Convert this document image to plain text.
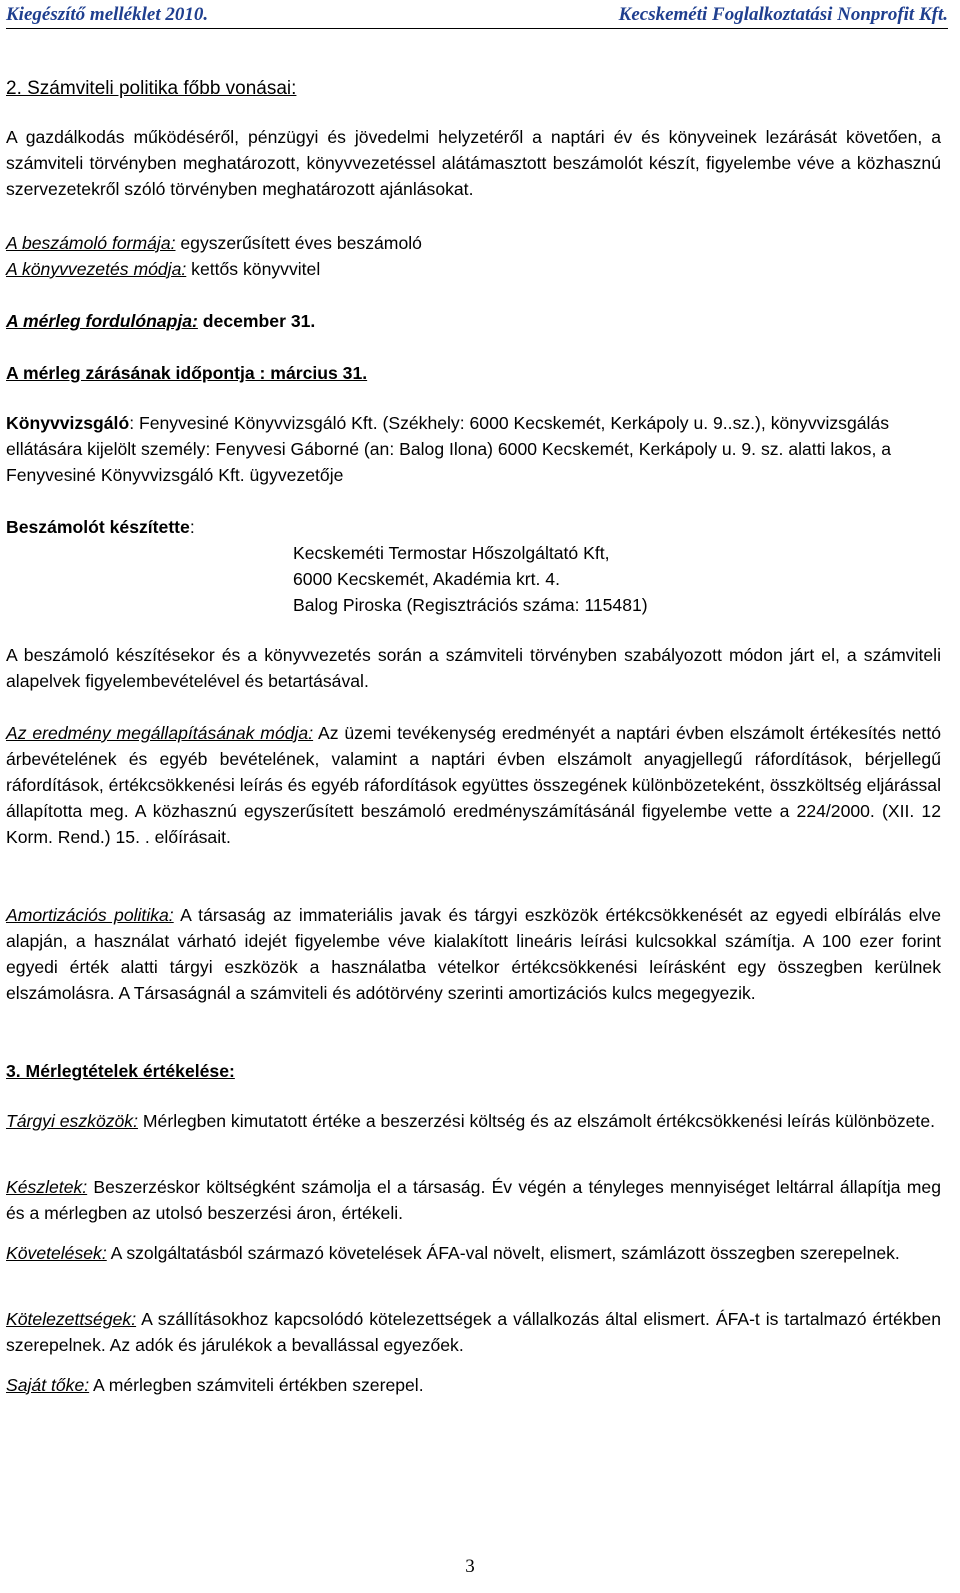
Kiegészítő melléklet 2010.	Kecskeméti Foglalkoztatási Nonprofit Kft.
2. Számviteli politika főbb vonásai:
A gazdálkodás működéséről, pénzügyi és jövedelmi helyzetéről a naptári év és könyveinek lezárását követően, a számviteli törvényben meghatározott, könyvvezetéssel alátámasztott beszámolót készít, figyelembe véve a közhasznú szervezetekről szóló törvényben meghatározott ajánlásokat.
A beszámoló formája: egyszerűsített éves beszámoló
A könyvvezetés módja: kettős könyvvitel
A mérleg fordulónapja: december 31.
A mérleg zárásának időpontja : március 31.
Könyvvizsgáló: Fenyvesiné Könyvvizsgáló Kft. (Székhely: 6000 Kecskemét, Kerkápoly u. 9..sz.), könyvvizsgálás ellátására kijelölt személy: Fenyvesi Gáborné (an: Balog Ilona) 6000 Kecskemét, Kerkápoly u. 9. sz. alatti lakos, a Fenyvesiné Könyvvizsgáló Kft. ügyvezetője
Beszámolót készítette:
Kecskeméti Termostar Hőszolgáltató Kft,
6000 Kecskemét, Akadémia krt. 4.
Balog Piroska (Regisztrációs száma: 115481)
A beszámoló készítésekor és a könyvvezetés során a számviteli törvényben szabályozott módon járt el, a számviteli alapelvek figyelembevételével és betartásával.
Az eredmény megállapításának módja: Az üzemi tevékenység eredményét a naptári évben elszámolt értékesítés nettó árbevételének és egyéb bevételének, valamint a naptári évben elszámolt anyagjellegű ráfordítások, bérjellegű ráfordítások, értékcsökkenési leírás és egyéb ráfordítások együttes összegének különbözeteként, összköltség eljárással állapította meg. A közhasznú egyszerűsített beszámoló eredményszámításánál figyelembe vette a 224/2000. (XII. 12 Korm. Rend.) 15. . előírásait.
Amortizációs politika: A társaság az immateriális javak és tárgyi eszközök értékcsökkenését az egyedi elbírálás elve alapján, a használat várható idejét figyelembe véve kialakított lineáris leírási kulcsokkal számítja. A 100 ezer forint egyedi érték alatti tárgyi eszközök a használatba vételkor értékcsökkenési leírásként egy összegben kerülnek elszámolásra. A Társaságnál a számviteli és adótörvény szerinti amortizációs kulcs megegyezik.
3. Mérlegtételek értékelése:
Tárgyi eszközök: Mérlegben kimutatott értéke a beszerzési költség és az elszámolt értékcsökkenési leírás különbözete.
Készletek: Beszerzéskor költségként számolja el a társaság. Év végén a tényleges mennyiséget leltárral állapítja meg és a mérlegben az utolsó beszerzési áron, értékeli.
Követelések: A szolgáltatásból származó követelések ÁFA-val növelt, elismert, számlázott összegben szerepelnek.
Kötelezettségek: A szállításokhoz kapcsolódó kötelezettségek a vállalkozás által elismert. ÁFA-t is tartalmazó értékben szerepelnek. Az adók és járulékok a bevallással egyezőek.
Saját tőke: A mérlegben számviteli értékben szerepel.
3
